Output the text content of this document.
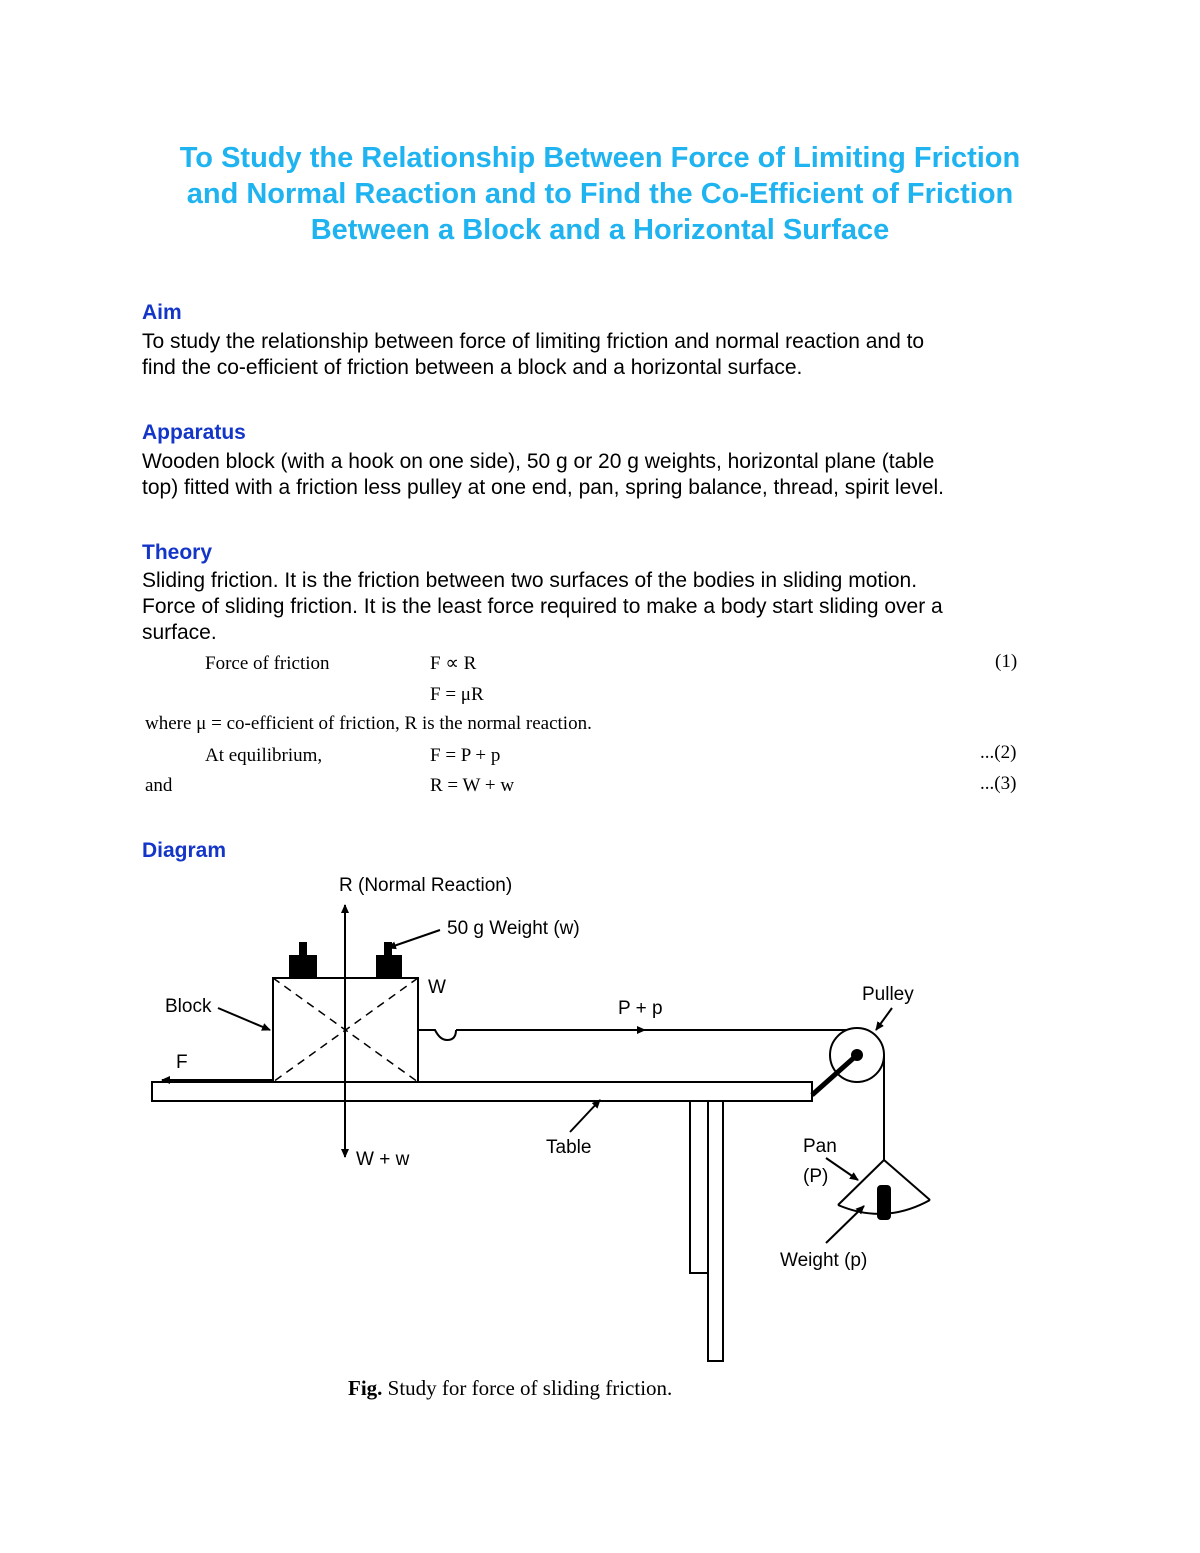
To Study the Relationship Between Force of Limiting Friction
and Normal Reaction and to Find the Co-Efficient of Friction
Between a Block and a Horizontal Surface
Aim

To study the relationship between force of limiting friction and normal reaction and to
find the co-efficient of friction between a block and a horizontal surface.

Apparatus

Wooden block (with a hook on one side), 50 g or 20 g weights, horizontal plane (table
top) fitted with a friction less pulley at one end, pan, spring balance, thread, spirit level.

Theory

Sliding friction. It is the friction between two surfaces of the bodies in sliding motion.
Force of sliding friction. It is the least force required to make a body start sliding over a
surface.

Force of friction	F ∝ R	(1)
F = μR
where μ = co-efficient of friction, R is the normal reaction.
At equilibrium,	F = P + p	...(2)
and	R = W + w	...(3)
Diagram
R (Normal Reaction)
50 g Weight (w)
Block
W
P + p
Pulley
F
Table
W + w
Pan
(P)
Weight (p)

Fig. Study for force of sliding friction.
